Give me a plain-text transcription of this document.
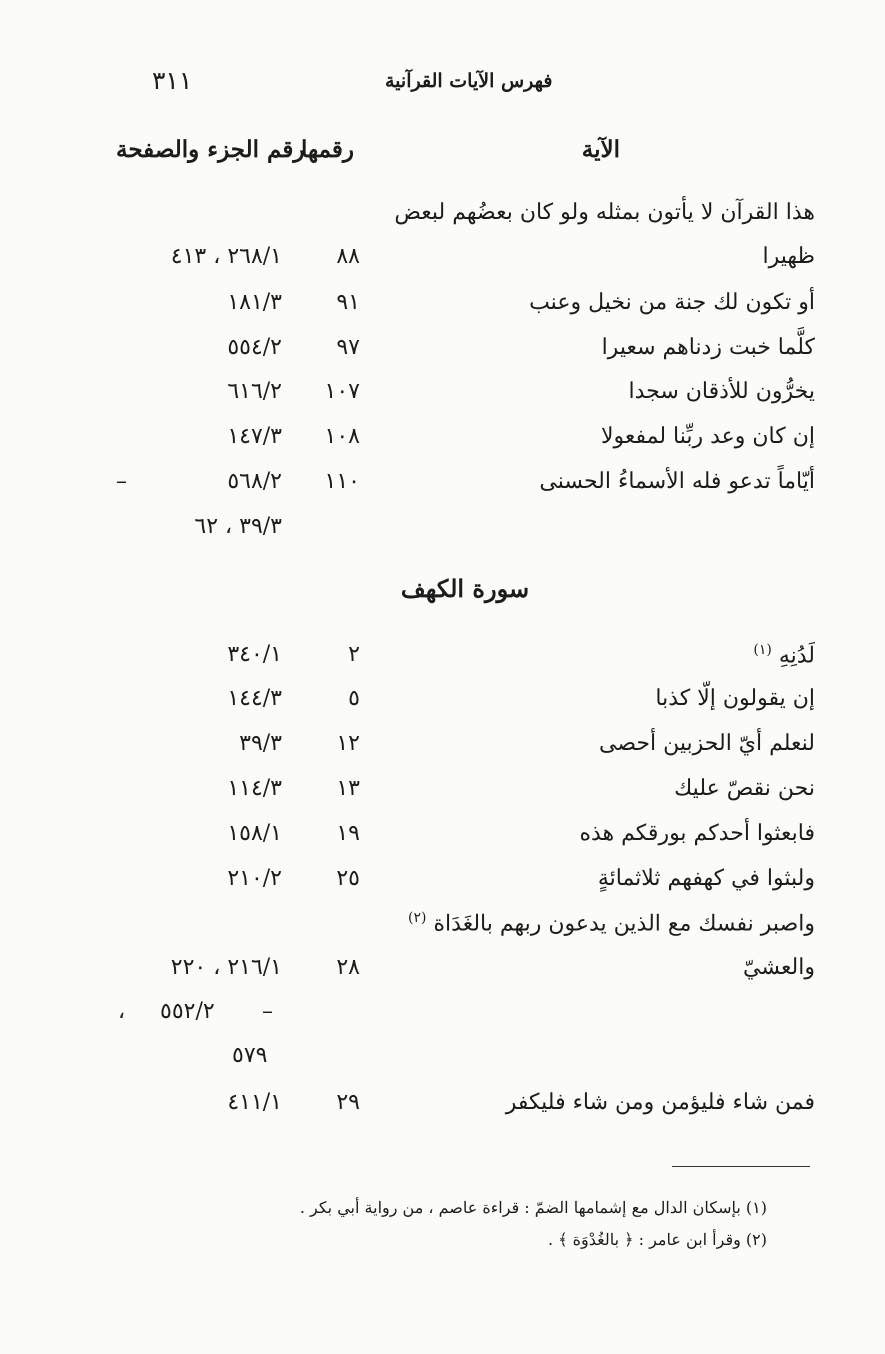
٣١١	فهرس الآيات القرآنية
الآية
رقمها
رقم الجزء والصفحة
هذا القرآن لا يأتون بمثله ولو كان بعضُهم لبعض
ظهيرا
٨٨
٢٦٨/١ ، ٤١٣
أو تكون لك جنة من نخيل وعنب
٩١
١٨١/٣
كلَّما خبت زدناهم سعيرا
٩٧
٥٥٤/٢
يخرُّون للأذقان سجدا
١٠٧
٦١٦/٢
إن كان وعد ربِّنا لمفعولا
١٠٨
١٤٧/٣
أيّاماً تدعو فله الأسماءُ الحسنى
١١٠
٥٦٨/٢
–
٣٩/٣ ، ٦٢
سورة الكهف
لَدُنِهِ $^{(١)}$
٢
٣٤٠/١
إن يقولون إلّا كذبا
٥
١٤٤/٣
لنعلم أيّ الحزبين أحصى
١٢
٣٩/٣
نحن نقصّ عليك
١٣
١١٤/٣
فابعثوا أحدكم بورقكم هذه
١٩
١٥٨/١
ولبثوا في كهفهم ثلاثمائةٍ
٢٥
٢١٠/٢
واصبر نفسك مع الذين يدعون ربهم بالغَدَاة $^{(٢)}$
والعشيّ
٢٨
٢١٦/١ ، ٢٢٠
، ٥٥٢/٢ –
٥٧٩
فمن شاء فليؤمن ومن شاء فليكفر
٢٩
٤١١/١
(١) بإسكان الدال مع إشمامها الضمّ : قراءة عاصم ، من رواية أبي بكر .
(٢) وقرأ ابن عامر : ﴿ بالغُدْوَة ﴾ .
